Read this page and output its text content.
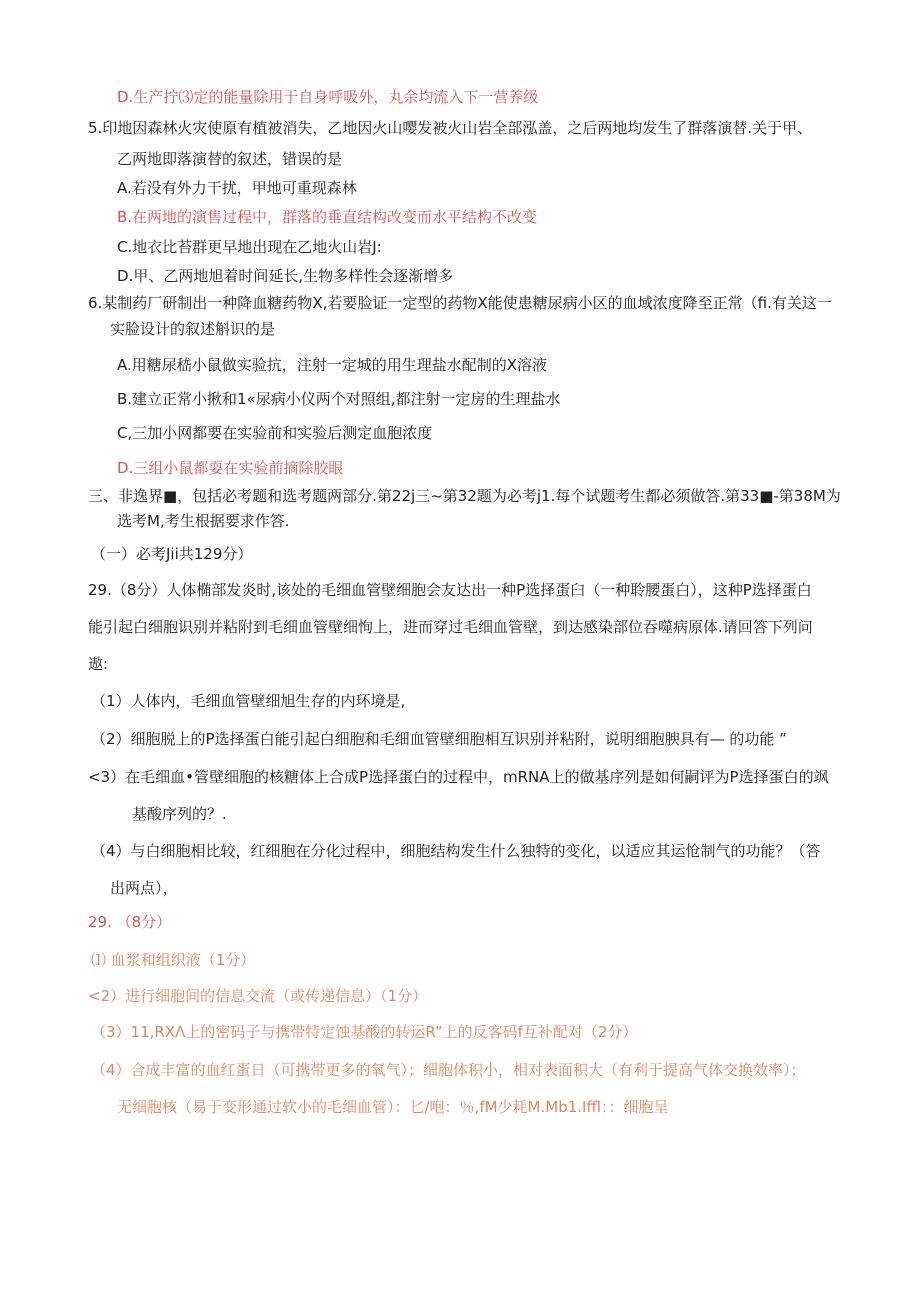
D.生产拧⑶定的能量除用于自身呼吸外，丸余均流入下一营养级
5.印地因森林火灾使原有植被消失，乙地因火山嘤发被火山岩全部泓盖，之后两地均发生了群落演替.关于甲、
乙两地即落演替的叙述，错误的是
A.若没有外力干扰，甲地可重现森林
B.在两地的演售过程中，群落的垂直结构改变而水平结构不改变
C.地衣比苔群更早地出现在乙地火山岩J:
D.甲、乙两地旭着时间延长,生物多样性会逐渐增多
6.某制药厂研制出一种降血糖药物X,若要脸证一定型的药物X能使患糖尿病小区的血域浓度降至正常（fi.有关这一
实脸设计的叙述斛识的是
A.用糖尿嵇小鼠做实验抗，注射一定城的用生理盐水配制的X溶液
B.建立正常小揪和1«尿病小仪两个对照组,都注射一定房的生理盐水
C,三加小网都要在实验前和实验后测定血胞浓度
D.三组小鼠都耍在实验前摘除胶眼
三、非逸界■，包括必考题和选考题两部分.第22j三~第32题为必考j1.每个试题考生都必须做答.第33■-第38M为
选考M,考生根据要求作答.
（一）必考Jii共129分）
29.（8分）人体椭部发炎时,该处的毛细血管壁细胞会友达出一种P选择蛋臼（一种聆腰蛋白），这种P选择蛋白
能引起白细胞识别并粘附到毛细血管壁细恂上，进而穿过毛细血管壁，到达感染部位吞噬病原体.请回答下列问
遨:
（1）人体内，毛细血管壁细旭生存的内环境是,
（2）细胞脱上的P选择蛋白能引起白细胞和毛细血管壁细胞相互识别并粘附，说明细胞腴具有— 的功能 ”
<3）在毛细血•管壁细胞的核糖体上合成P选择蛋白的过程中，mRNA上的做基序列是如何嗣评为P选择蛋白的飒
基酸序列的？.
（4）与白细胞相比较，红细胞在分化过程中，细胞结构发生什么独特的变化，以适应其运怆制气的功能？（答
出两点），
29. （8分）
⑴ 血浆和组织液（1分）
<2）进行细胞间的信息交流（或传递信息）（1分）
（3）11,RXΛ上的密码子与携带特定蚀基酸的转运R”上的反客码f互补配对（2分）
（4）合成丰富的血红蛋日（可携带更多的氧气）；细胞体积小，相对表面积大（有利于提高气体交换效率）；
无细胞核（易于变形通过软小的毛细血管）：匕/咆：％,fM少耗M.Mb1.Iffl：：细胞呈
